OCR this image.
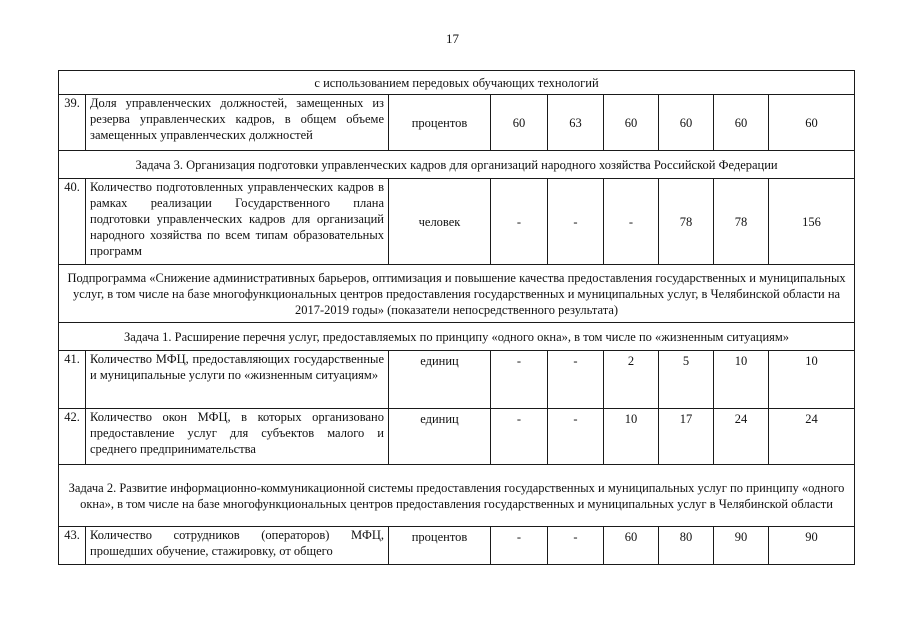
17
с использованием передовых обучающих технологий								
39.	Доля управленческих должностей, замещенных из резерва управленческих кадров, в общем объеме замещенных управленческих должностей	процентов	60	63	60	60	60	60
Задача 3. Организация подготовки управленческих кадров для организаций народного хозяйства Российской Федерации								
40.	Количество подготовленных управленческих кадров в рамках реализации Государственного плана подготовки управленческих кадров для организаций народного хозяйства по всем типам образовательных программ	человек	-	-	-	78	78	156
Подпрограмма «Снижение административных барьеров, оптимизация и повышение качества предоставления государственных и муниципальных услуг, в том числе на базе многофункциональных центров предоставления государственных и муниципальных услуг, в Челябинской области на 2017-2019 годы» (показатели непосредственного результата)								
Задача 1. Расширение перечня услуг, предоставляемых по принципу «одного окна», в том числе по «жизненным ситуациям»								
41.	Количество МФЦ, предоставляющих государственные и муниципальные услуги по «жизненным ситуациям»	единиц	-	-	2	5	10	10
42.	Количество окон МФЦ, в которых организовано предоставление услуг для субъектов малого и среднего предпринимательства	единиц	-	-	10	17	24	24
Задача 2. Развитие информационно-коммуникационной системы предоставления государственных и муниципальных услуг по принципу «одного окна», в том числе на базе многофункциональных центров предоставления государственных и муниципальных услуг в Челябинской области								
43.	Количество сотрудников (операторов) МФЦ, прошедших обучение, стажировку, от общего	процентов	-	-	60	80	90	90
